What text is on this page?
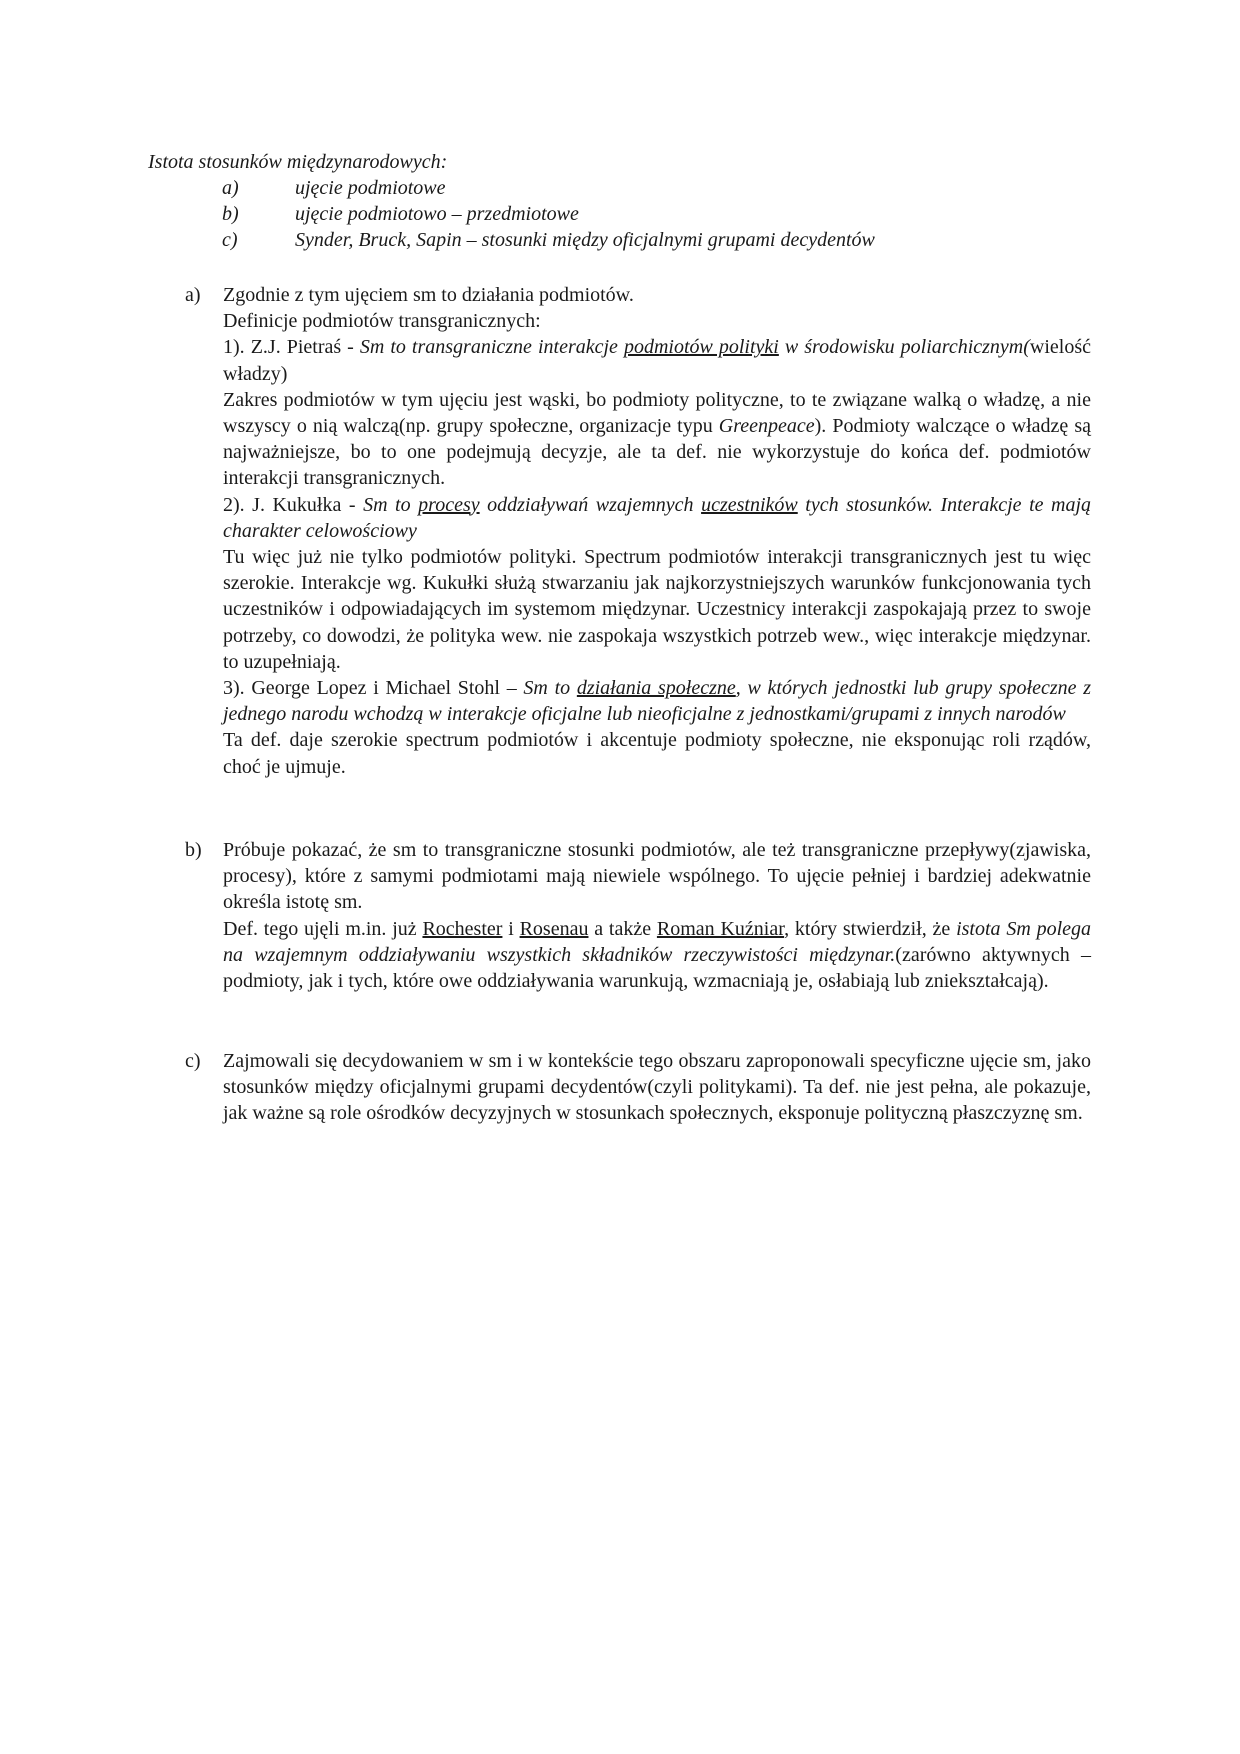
Istota stosunków międzynarodowych:
a)	ujęcie podmiotowe
b)	ujęcie podmiotowo – przedmiotowe
c)	Synder, Bruck, Sapin – stosunki między oficjalnymi grupami decydentów
a)	Zgodnie z tym ujęciem sm to działania podmiotów.

Definicje podmiotów transgranicznych:

1). Z.J. Pietraś - Sm to transgraniczne interakcje podmiotów polityki w środowisku poliarchicznym(wielość władzy)

Zakres podmiotów w tym ujęciu jest wąski, bo podmioty polityczne, to te związane walką o władzę, a nie wszyscy o nią walczą(np. grupy społeczne, organizacje typu Greenpeace). Podmioty walczące o władzę są najważniejsze, bo to one podejmują decyzje, ale ta def. nie wykorzystuje do końca def. podmiotów interakcji transgranicznych.

2). J. Kukułka - Sm to procesy oddziaływań wzajemnych uczestników tych stosunków. Interakcje te mają charakter celowościowy

Tu więc już nie tylko podmiotów polityki. Spectrum podmiotów interakcji transgranicznych jest tu więc szerokie. Interakcje wg. Kukułki służą stwarzaniu jak najkorzystniejszych warunków funkcjonowania tych uczestników i odpowiadających im systemom międzynar. Uczestnicy interakcji zaspokajają przez to swoje potrzeby, co dowodzi, że polityka wew. nie zaspokaja wszystkich potrzeb wew., więc interakcje międzynar. to uzupełniają.

3). George Lopez i Michael Stohl – Sm to działania społeczne, w których jednostki lub grupy społeczne z jednego narodu wchodzą w interakcje oficjalne lub nieoficjalne z jednostkami/grupami z innych narodów

Ta def. daje szerokie spectrum podmiotów i akcentuje podmioty społeczne, nie eksponując roli rządów, choć je ujmuje.

b)	Próbuje pokazać, że sm to transgraniczne stosunki podmiotów, ale też transgraniczne przepływy(zjawiska, procesy), które z samymi podmiotami mają niewiele wspólnego. To ujęcie pełniej i bardziej adekwatnie określa istotę sm.

Def. tego ujęli m.in. już Rochester i Rosenau a także Roman Kuźniar, który stwierdził, że istota Sm polega na wzajemnym oddziaływaniu wszystkich składników rzeczywistości międzynar.(zarówno aktywnych – podmioty, jak i tych, które owe oddziaływania warunkują, wzmacniają je, osłabiają lub zniekształcają).

c)	Zajmowali się decydowaniem w sm i w kontekście tego obszaru zaproponowali specyficzne ujęcie sm, jako stosunków między oficjalnymi grupami decydentów(czyli politykami). Ta def. nie jest pełna, ale pokazuje, jak ważne są role ośrodków decyzyjnych w stosunkach społecznych, eksponuje polityczną płaszczyznę sm.
